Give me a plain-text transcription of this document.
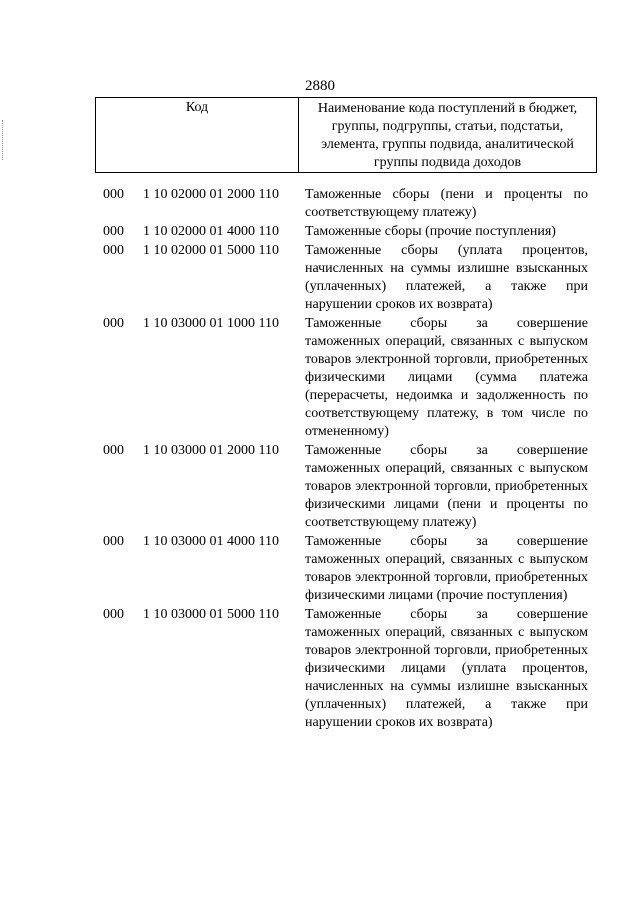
2880
Код	Наименование кода поступлений в бюджет, группы, подгруппы, статьи, подстатьи, элемента, группы подвида, аналитической группы подвида доходов
000 1 10 02000 01 2000 110 Таможенные сборы (пени и проценты по соответствующему платежу)
000 1 10 02000 01 4000 110 Таможенные сборы (прочие поступления)
000 1 10 02000 01 5000 110 Таможенные сборы (уплата процентов, начисленных на суммы излишне взысканных (уплаченных) платежей, а также при нарушении сроков их возврата)
000 1 10 03000 01 1000 110 Таможенные сборы за совершение таможенных операций, связанных с выпуском товаров электронной торговли, приобретенных физическими лицами (сумма платежа (перерасчеты, недоимка и задолженность по соответствующему платежу, в том числе по отмененному)
000 1 10 03000 01 2000 110 Таможенные сборы за совершение таможенных операций, связанных с выпуском товаров электронной торговли, приобретенных физическими лицами (пени и проценты по соответствующему платежу)
000 1 10 03000 01 4000 110 Таможенные сборы за совершение таможенных операций, связанных с выпуском товаров электронной торговли, приобретенных физическими лицами (прочие поступления)
000 1 10 03000 01 5000 110 Таможенные сборы за совершение таможенных операций, связанных с выпуском товаров электронной торговли, приобретенных физическими лицами (уплата процентов, начисленных на суммы излишне взысканных (уплаченных) платежей, а также при нарушении сроков их возврата)
